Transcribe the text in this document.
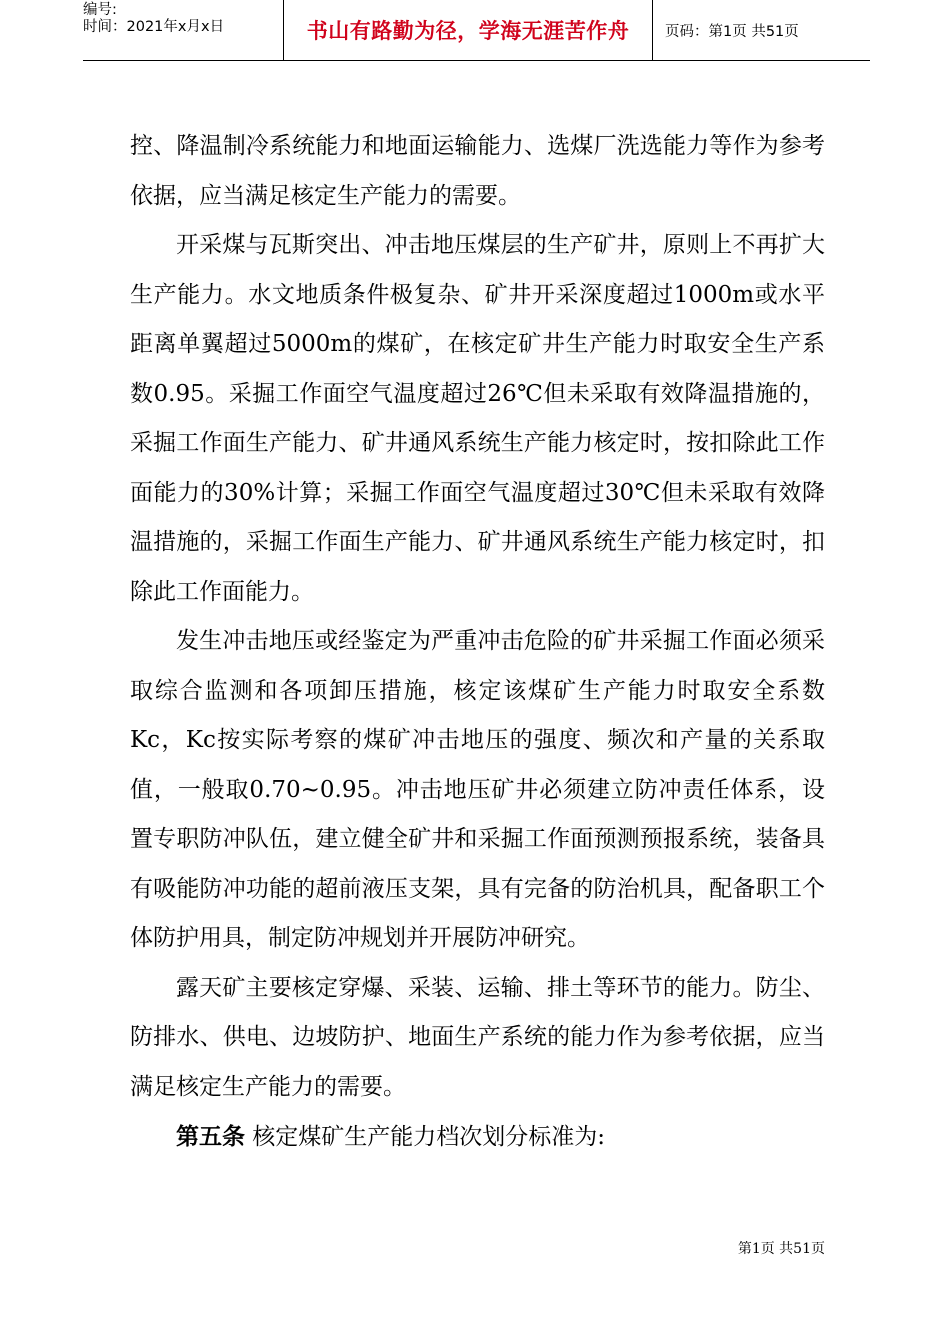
编号:
时间：2021年x月x日	书山有路勤为径，学海无涯苦作舟	页码：第1页 共51页

控、降温制冷系统能力和地面运输能力、选煤厂洗选能力等作为参考依据，应当满足核定生产能力的需要。

开采煤与瓦斯突出、冲击地压煤层的生产矿井，原则上不再扩大生产能力。水文地质条件极复杂、矿井开采深度超过1000m或水平距离单翼超过5000m的煤矿，在核定矿井生产能力时取安全生产系数0.95。采掘工作面空气温度超过26℃但未采取有效降温措施的，采掘工作面生产能力、矿井通风系统生产能力核定时，按扣除此工作面能力的30%计算；采掘工作面空气温度超过30℃但未采取有效降温措施的，采掘工作面生产能力、矿井通风系统生产能力核定时，扣除此工作面能力。

发生冲击地压或经鉴定为严重冲击危险的矿井采掘工作面必须采取综合监测和各项卸压措施，核定该煤矿生产能力时取安全系数Kc，Kc按实际考察的煤矿冲击地压的强度、频次和产量的关系取值，一般取0.70~0.95。冲击地压矿井必须建立防冲责任体系，设置专职防冲队伍，建立健全矿井和采掘工作面预测预报系统，装备具有吸能防冲功能的超前液压支架，具有完备的防治机具，配备职工个体防护用具，制定防冲规划并开展防冲研究。

露天矿主要核定穿爆、采装、运输、排土等环节的能力。防尘、防排水、供电、边坡防护、地面生产系统的能力作为参考依据，应当满足核定生产能力的需要。

第五条 核定煤矿生产能力档次划分标准为:

第1页 共51页
